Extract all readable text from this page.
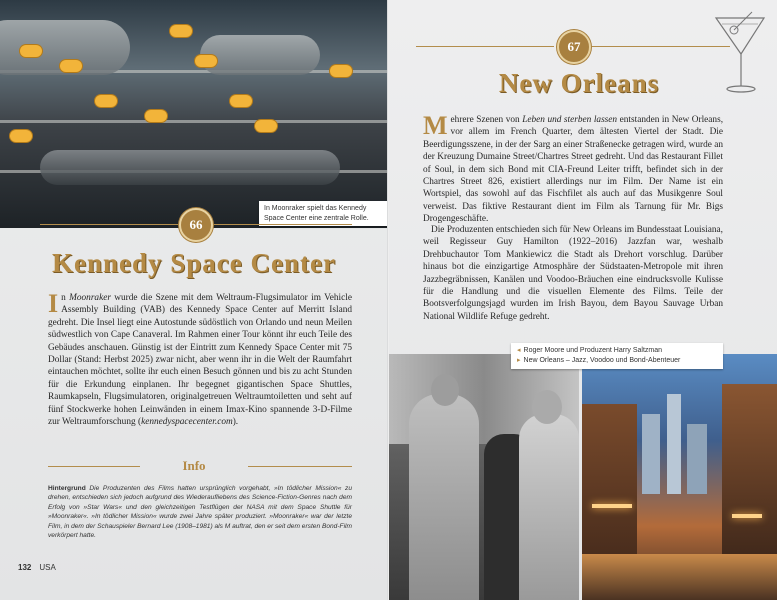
In Moonraker spielt das Kennedy Space Center eine zentrale Rolle.
66
Kennedy Space Center
In Moonraker wurde die Szene mit dem Weltraum-Flugsimulator im Vehicle Assembly Building (VAB) des Kennedy Space Center auf Merritt Island gedreht. Die Insel liegt eine Autostunde südöstlich von Orlando und neun Meilen südwestlich von Cape Canaveral. Im Rahmen einer Tour könnt ihr euch Teile des Gebäudes anschauen. Günstig ist der Eintritt zum Kennedy Space Center mit 75 Dollar (Stand: Herbst 2025) zwar nicht, aber wenn ihr in die Welt der Raumfahrt eintauchen möchtet, sollte ihr euch einen Besuch gönnen und bis zu acht Stunden für die Erkundung einplanen. Ihr begegnet gigantischen Space Shuttles, Raumkapseln, Flugsimulatoren, originalgetreuen Weltraumtoiletten und seht auf fünf Stockwerke hohen Leinwänden in einem Imax-Kino spannende 3-D-Filme zur Weltraumforschung (kennedyspacecenter.com).
Info
Hintergrund Die Produzenten des Films hatten ursprünglich vorgehabt, »In tödlicher Mission« zu drehen, entschieden sich jedoch aufgrund des Wiederaufliebens des Science-Fiction-Genres nach dem Erfolg von »Star Wars« und den gleichzeitigen Testflügen der NASA mit dem Space Shuttle für »Moonraker«. »In tödlicher Mission« wurde zwei Jahre später produziert. »Moonraker« war der letzte Film, in dem der Schauspieler Bernard Lee (1908–1981) als M auftrat, den er seit dem ersten Bond-Film verkörpert hatte.
132 USA
67
New Orleans
Mehrere Szenen von Leben und sterben lassen entstanden in New Orleans, vor allem im French Quarter, dem ältesten Viertel der Stadt. Die Beerdigungsszene, in der der Sarg an einer Straßenecke getragen wird, wurde an der Kreuzung Dumaine Street/Chartres Street gedreht. Und das Restaurant Fillet of Soul, in dem sich Bond mit CIA-Freund Leiter trifft, befindet sich in der Chartres Street 826, existiert allerdings nur im Film. Der Name ist ein Wortspiel, das sowohl auf das Fischfilet als auch auf das Musikgenre Soul verweist. Das fiktive Restaurant dient im Film als Tarnung für Mr. Bigs Drogengeschäfte.
Die Produzenten entschieden sich für New Orleans im Bundesstaat Louisiana, weil Regisseur Guy Hamilton (1922–2016) Jazzfan war, weshalb Drehbuchautor Tom Mankiewicz die Stadt als Drehort vorschlug. Darüber hinaus bot die einzigartige Atmosphäre der Südstaaten-Metropole mit ihren Jazzbegräbnissen, Kanälen und Voodoo-Bräuchen eine eindrucksvolle Kulisse für die Handlung und die visuellen Elemente des Films. Teile der Bootsverfolgungsjagd wurden im Irish Bayou, dem Bayou Sauvage Urban National Wildlife Refuge gedreht.
◂ Roger Moore und Produzent Harry Saltzman
▸ New Orleans – Jazz, Voodoo und Bond-Abenteuer
